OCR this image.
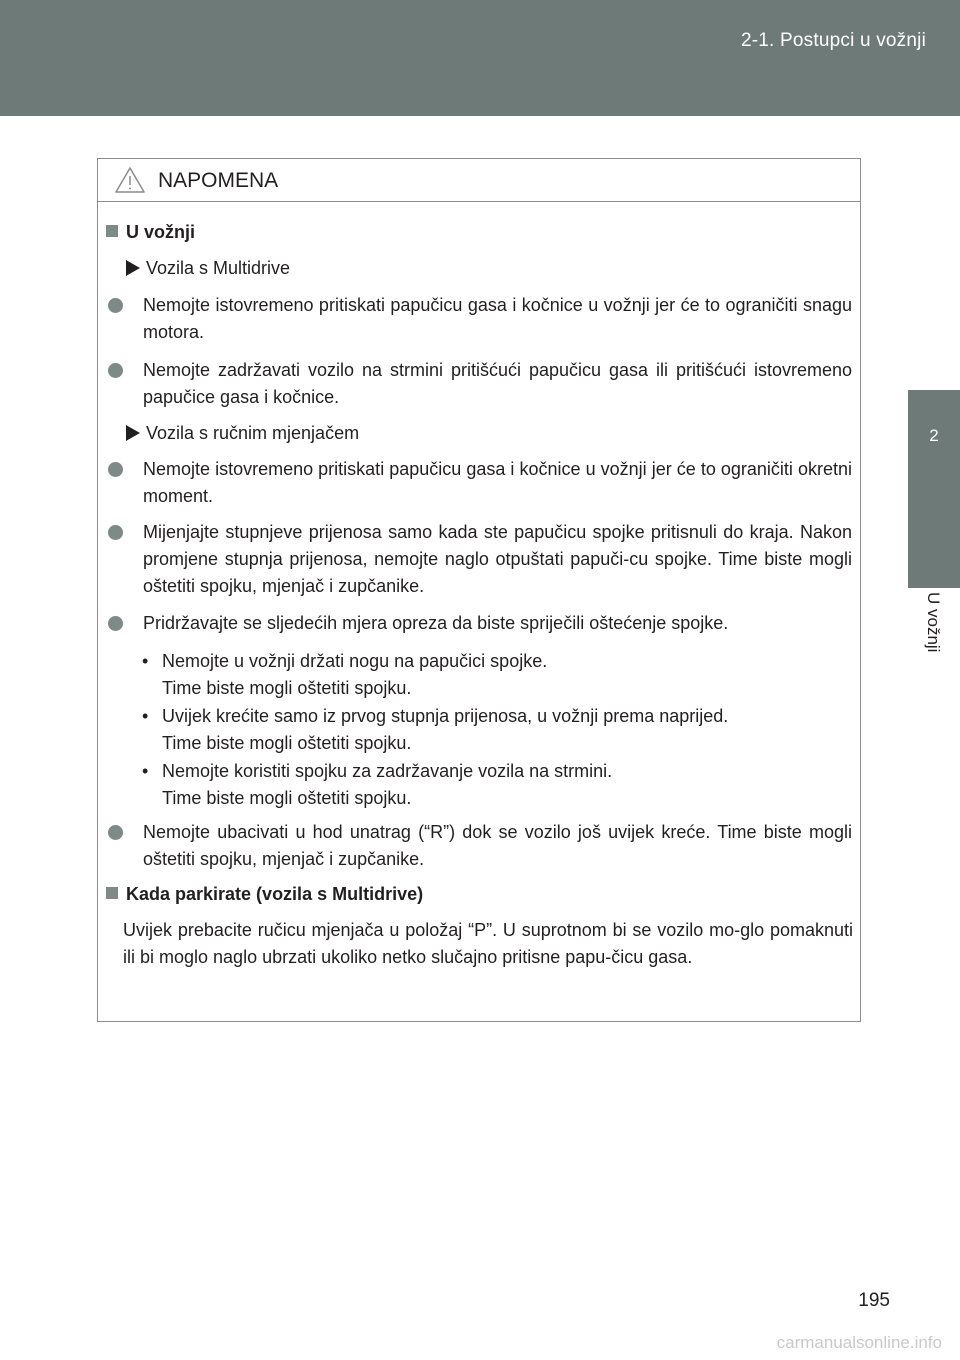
2-1. Postupci u vožnji
2
U vožnji
NAPOMENA
U vožnji
Vozila s Multidrive
Nemojte istovremeno pritiskati papučicu gasa i kočnice u vožnji jer će to ograničiti snagu motora.
Nemojte zadržavati vozilo na strmini pritišćući papučicu gasa ili pritišćući istovremeno papučice gasa i kočnice.
Vozila s ručnim mjenjačem
Nemojte istovremeno pritiskati papučicu gasa i kočnice u vožnji jer će to ograničiti okretni moment.
Mijenjajte stupnjeve prijenosa samo kada ste papučicu spojke pritisnuli do kraja. Nakon promjene stupnja prijenosa, nemojte naglo otpuštati papuči-cu spojke. Time biste mogli oštetiti spojku, mjenjač i zupčanike.
Pridržavajte se sljedećih mjera opreza da biste spriječili oštećenje spojke.
• Nemojte u vožnji držati nogu na papučici spojke.
Time biste mogli oštetiti spojku.
• Uvijek krećite samo iz prvog stupnja prijenosa, u vožnji prema naprijed.
Time biste mogli oštetiti spojku.
• Nemojte koristiti spojku za zadržavanje vozila na strmini.
Time biste mogli oštetiti spojku.
Nemojte ubacivati u hod unatrag (“R”) dok se vozilo još uvijek kreće. Time biste mogli oštetiti spojku, mjenjač i zupčanike.
Kada parkirate (vozila s Multidrive)
Uvijek prebacite ručicu mjenjača u položaj “P”. U suprotnom bi se vozilo mo-glo pomaknuti ili bi moglo naglo ubrzati ukoliko netko slučajno pritisne papu-čicu gasa.
195
carmanualsonline.info
